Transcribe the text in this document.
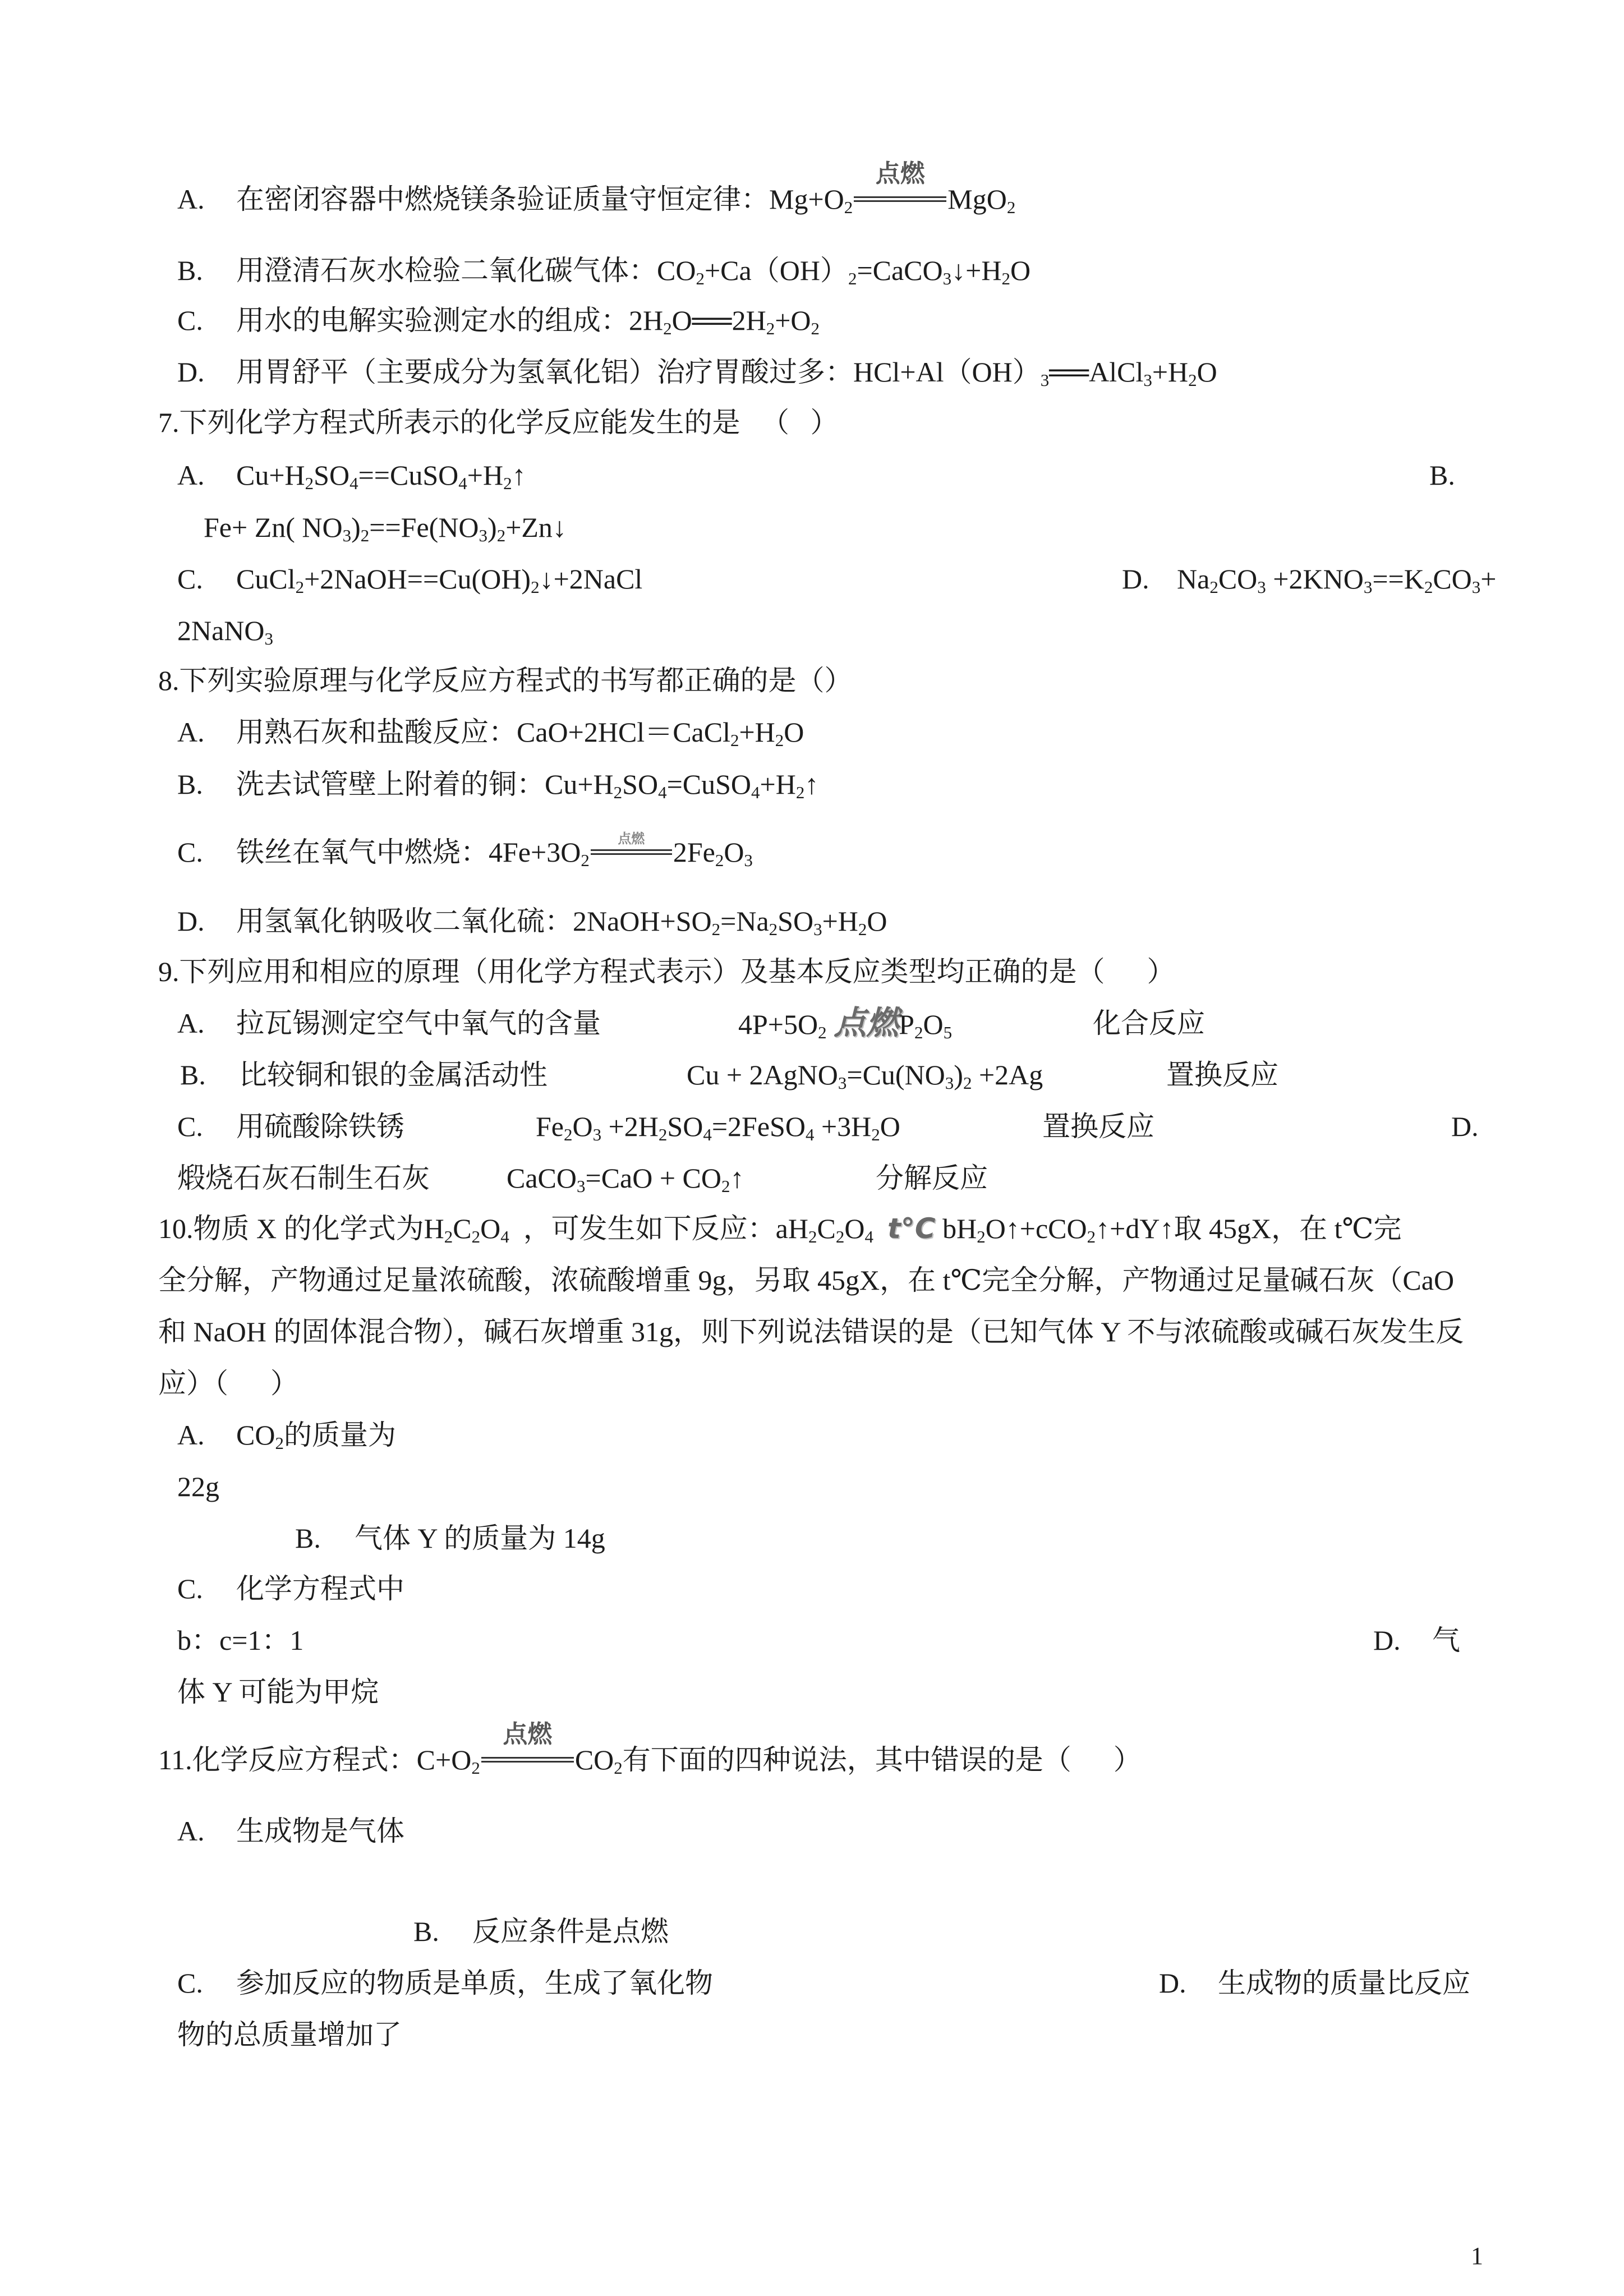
A. 在密闭容器中燃烧镁条验证质量守恒定律：$Mg+O_2$
点燃
MgO$_2$
B. 用澄清石灰水检验二氧化碳气体：$CO_2+Ca(OH)_2=CaCO_3↓+H_2O$
C. 用水的电解实验测定水的组成：$2H_2O══2H_2+O_2$
D. 用胃舒平（主要成分为氢氧化铝）治疗胃酸过多：$HCl+Al(OH)_3══AlCl_3+H_2O$
7.下列化学方程式所表示的化学反应能发生的是   （   ）
A. $Cu+H_2SO_4==CuSO_4+H_2↑$	B.
Fe+ Zn( $NO_3)_2==Fe(NO_3)_2+Zn↓$
C. $CuCl_2+2NaOH==Cu(OH)_2↓+2NaCl$	D. $Na_2CO_3 +2KNO_3==K_2CO_3+$
2NaNO$_3$
8.下列实验原理与化学反应方程式的书写都正确的是（）
A. 用熟石灰和盐酸反应：$CaO+2HCl=CaCl_2+H_2O$
B. 洗去试管壁上附着的铜：$Cu+H_2SO_4=CuSO_4+H_2↑$
C. 铁丝在氧气中燃烧：$4Fe+3O_2$
点燃	$2Fe_2O_3$
D. 用氢氧化钠吸收二氧化硫：$2NaOH+SO_2=Na_2SO_3+H_2O$
9.下列应用和相应的原理（用化学方程式表示）及基本反应类型均正确的是（      ）
A. 拉瓦锡测定空气中氧气的含量	$4P+5O_2$ 点燃$P_2O_5$	化合反应
B. 比较铜和银的金属活动性	$Cu + 2AgNO_3=Cu(NO_3)_2 +2Ag$	置换反应
C. 用硫酸除铁锈	$Fe_2O_3$ $+2H_2SO_4=2FeSO_4 +3H_2O$	置换反应	D.
煅烧石灰石制生石灰	CaCO$_3$=CaO + $CO_2↑$	分解反应
10.物质 X 的化学式为$H_2C_2O_4$  ，可发生如下反应：$aH_2C_2O_4$ t°C $bH_2O↑+cCO_2↑+dY↑$取 45gX，在 t℃完
全分解，产物通过足量浓硫酸，浓硫酸增重 9g，另取 45gX，在 t℃完全分解，产物通过足量碱石灰（CaO
和 NaOH 的固体混合物），碱石灰增重 31g，则下列说法错误的是（已知气体 Y 不与浓硫酸或碱石灰发生反
应）（      ）
A. $CO_2$的质量为
22g
B. 气体 Y 的质量为 14g
C. 化学方程式中
b：c=1：1	D. 气
体 Y 可能为甲烷
11.化学反应方程式：$C+O_2$
点燃
$CO_2$有下面的四种说法，其中错误的是（      ）
A. 生成物是气体
B. 反应条件是点燃
C. 参加反应的物质是单质，生成了氧化物	D. 生成物的质量比反应
物的总质量增加了
1
